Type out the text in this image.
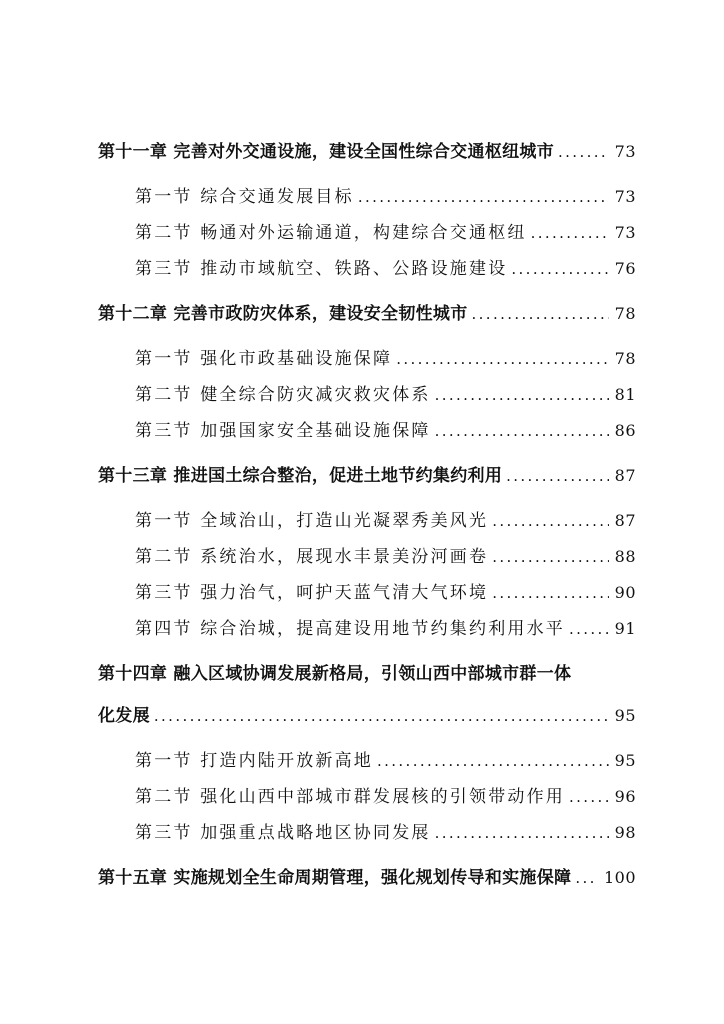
第十一章 完善对外交通设施，建设全国性综合交通枢纽城市 . . .	73
第一节 综合交通发展目标 . . .	73
第二节 畅通对外运输通道，构建综合交通枢纽 . . .	73
第三节 推动市域航空、铁路、公路设施建设 . . .	76
第十二章 完善市政防灾体系，建设安全韧性城市 . . .	78
第一节 强化市政基础设施保障 . . .	78
第二节 健全综合防灾减灾救灾体系 . . .	81
第三节 加强国家安全基础设施保障 . . .	86
第十三章 推进国土综合整治，促进土地节约集约利用 . . .	87
第一节 全域治山，打造山光凝翠秀美风光 . . .	87
第二节 系统治水，展现水丰景美汾河画卷 . . .	88
第三节 强力治气，呵护天蓝气清大气环境 . . .	90
第四节 综合治城，提高建设用地节约集约利用水平 . . .	91
第十四章 融入区域协调发展新格局，引领山西中部城市群一体
化发展 . . .	95
第一节 打造内陆开放新高地 . . .	95
第二节 强化山西中部城市群发展核的引领带动作用 . . .	96
第三节 加强重点战略地区协同发展 . . .	98
第十五章 实施规划全生命周期管理，强化规划传导和实施保障 . . . 100
